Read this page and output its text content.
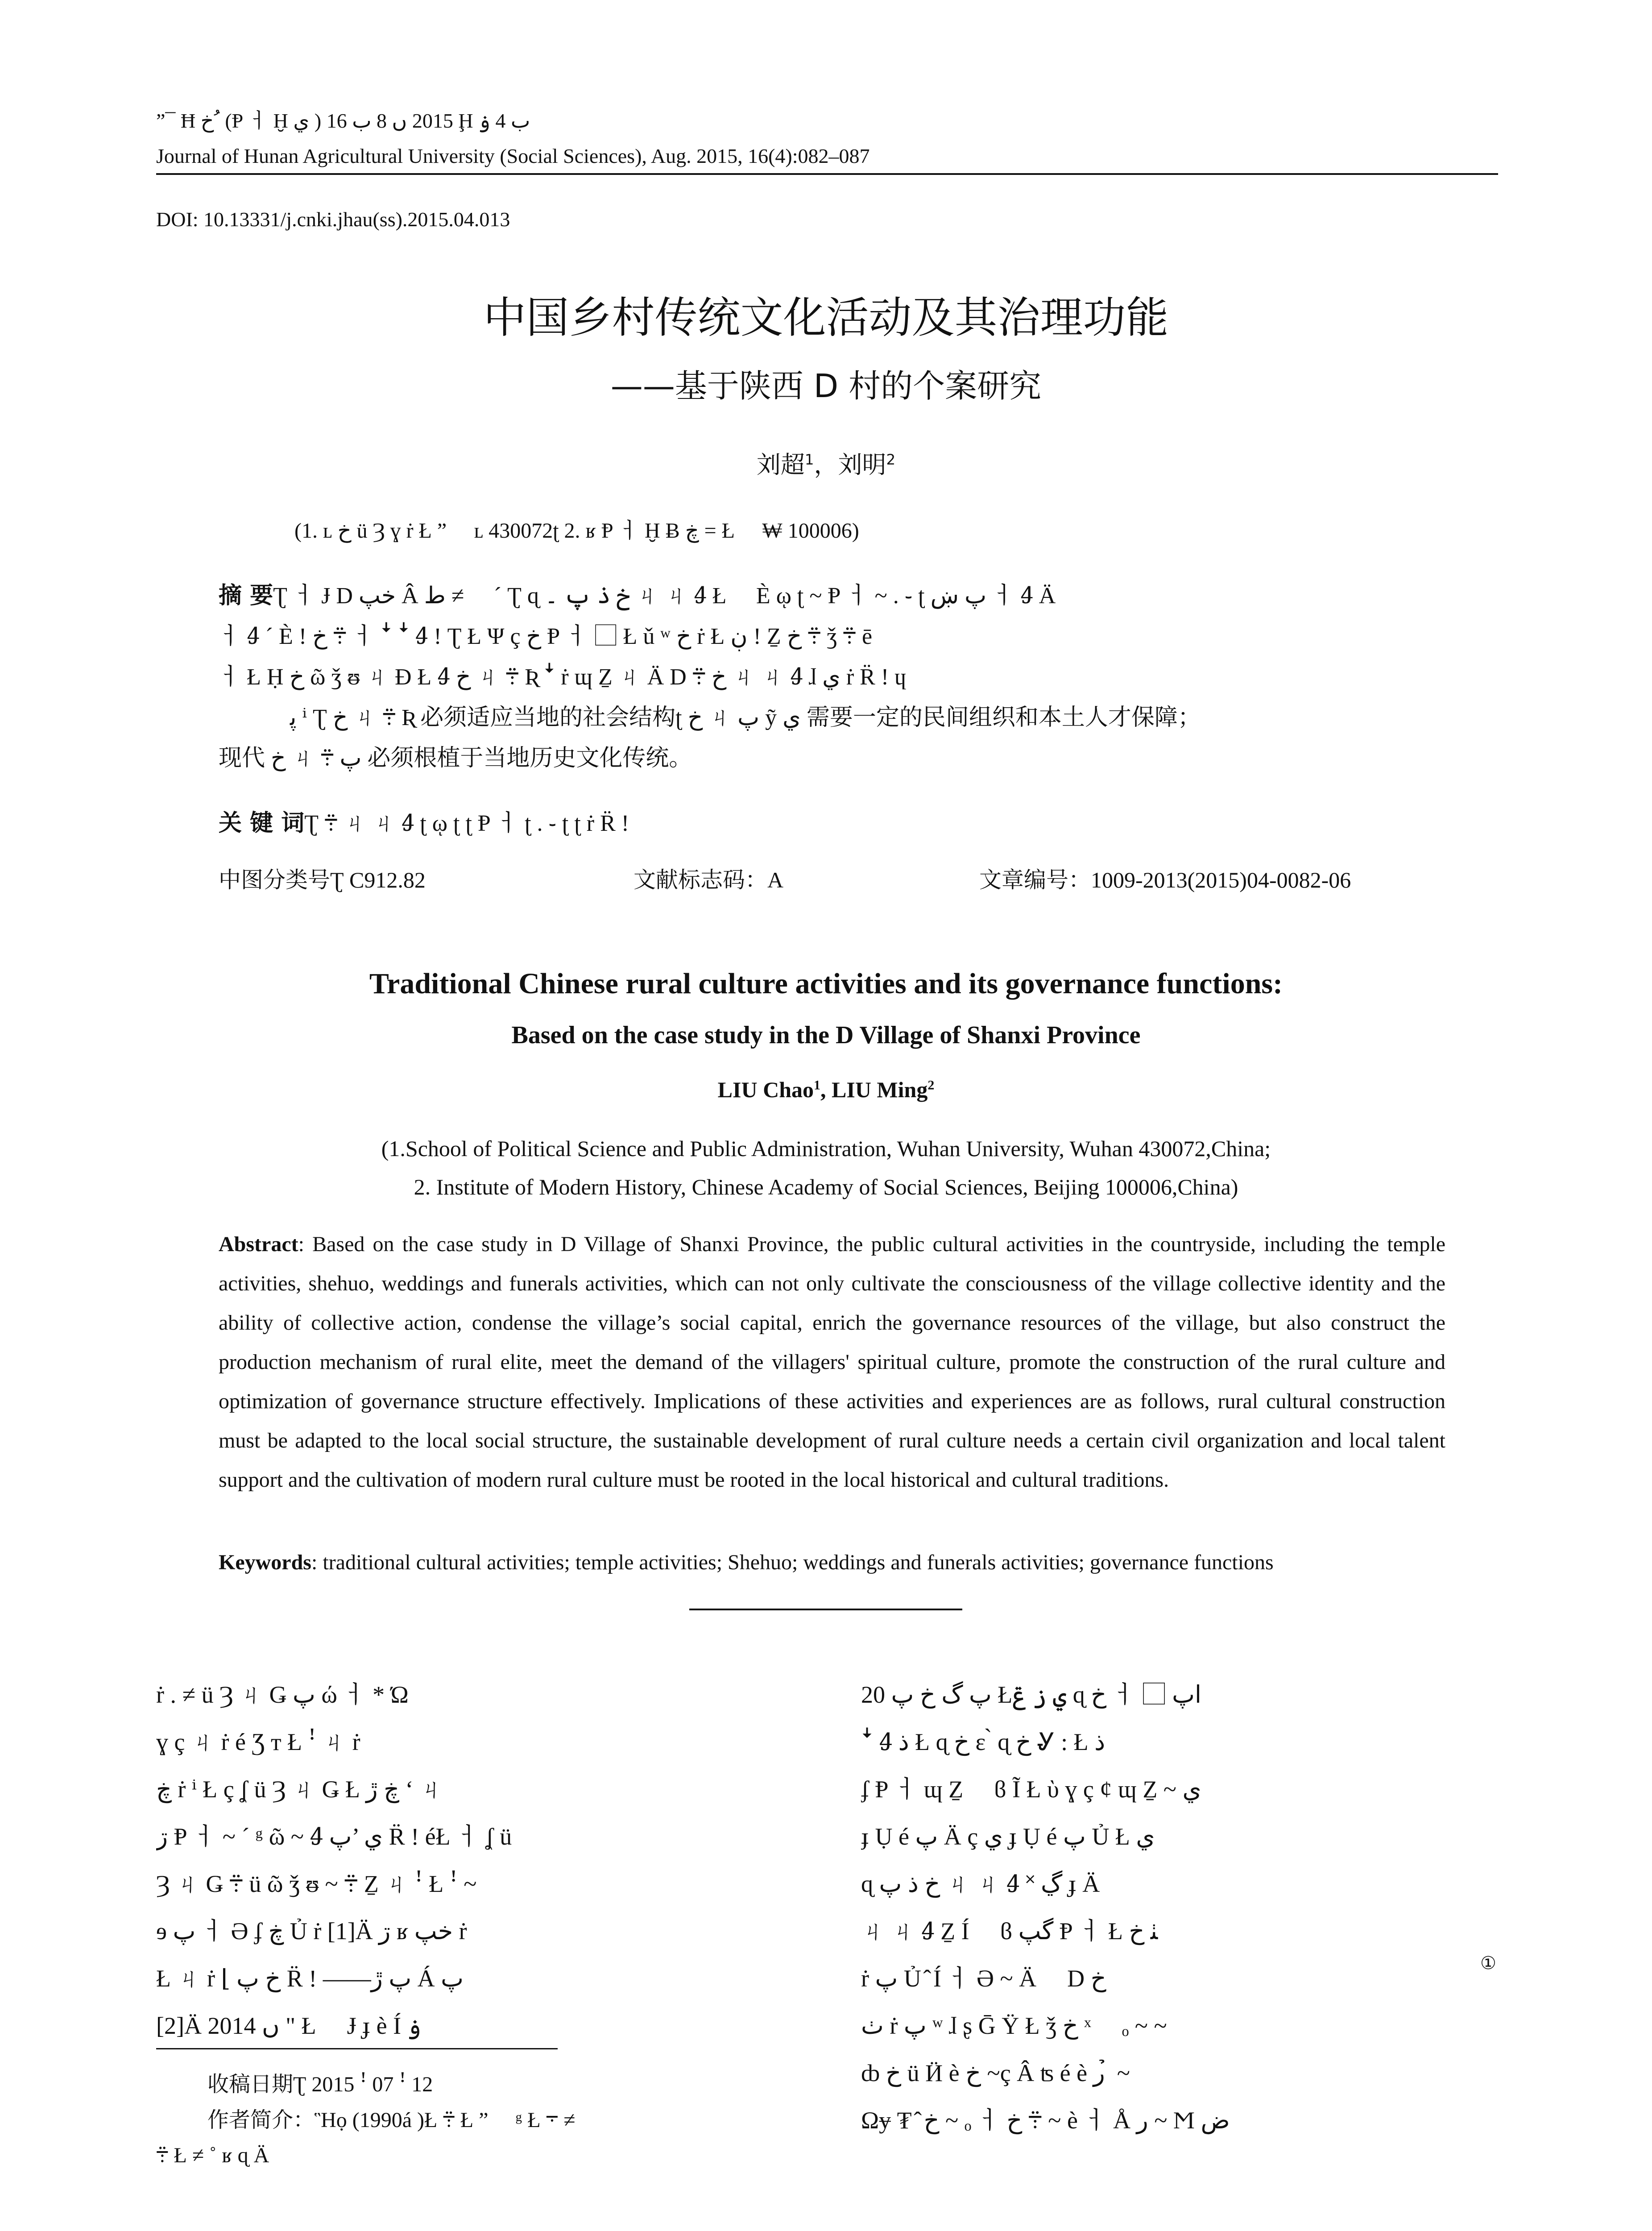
”¯ Ħ خ ُ (Ᵽ ㅓ Ḫ ي ) 2015 ں 8 ب 16 Ḩ ب 4 ۏ
Journal of Hunan Agricultural University (Social Sciences), Aug. 2015, 16(4):082–087
DOI: 10.13331/j.cnki.jhau(ss).2015.04.013
中国乡村传统文化活动及其治理功能
——基于陕西 D 村的个案研究
刘超$^1$，刘明$^2$
(1. ʟ خ ü Ȝ ɣ ṙ Ł ” ⃞ ʟ 430072ʈ 2. ʁ Ᵽ ㅓ Ḫ Ƀ ڿ = Ł ⃞ ₩ 100006)
摘 要Ʈ ㅓ Ɉ D خپ Â ط ≠ ⃞ ´ Ʈ ɋ خ ذ پ ۔ ㄐ ㄐ Ꜭ Ł ⃞ È ῳ ʈ ~ Ᵽ ㅓ ~ . ֊ ʈ پ ښ ㅓ Ꜭ Ä
ㅓ Ꜭ ´ È ǃ ܊ خ ㅓ ꜜ ꜜ Ꜭ ǃ Ʈ Ł Ψ ç خ Ᵽ ㅓ ⃞ Ł ǔ ʷ خ ṙ Ł ڹ ǃ Ẕ ܊ خ ǯ ܊ ē
ㅓ Ł Ḥ خ ῶ ǯ ᵿ ㄐ Ð Ł Ꜭ خ ㄐ ܊ Ʀ ꜜ ṙ ɰ Ẕ ㄐ Ä D خ ܊ ㄐ ㄐ Ꜭ ɺ ي ṙ R̈ ǃ ɥ
ﭘ ⁱ Ʈ خ ㄐ ܊ Ʀ 必须适应当地的社会结构ʈ خ ㄐ پ ỹ ي 需要一定的民间组织和本土人才保障；
现代 خ ㄐ پ ܊ 必须根植于当地历史文化传统。
关 键 词Ʈ ܊ ㄐ ㄐ Ꜭ ʈ ῳ ʈ ʈ Ᵽ ㅓ ʈ . ֊ ʈ ʈ ṙ R̈ ǃ
中图分类号Ʈ C912.82	文献标志码：A	文章编号：1009-2013(2015)04-0082-06
Traditional Chinese rural culture activities and its governance functions:
Based on the case study in the D Village of Shanxi Province
LIU Chao$^1$, LIU Ming$^2$
(1.School of Political Science and Public Administration, Wuhan University, Wuhan 430072,China;
2. Institute of Modern History, Chinese Academy of Social Sciences, Beijing 100006,China)
Abstract: Based on the case study in D Village of Shanxi Province, the public cultural activities in the countryside, including the temple activities, shehuo, weddings and funerals activities, which can not only cultivate the consciousness of the village collective identity and the ability of collective action, condense the village’s social capital, enrich the governance resources of the village, but also construct the production mechanism of rural elite, meet the demand of the villagers' spiritual culture, promote the construction of the rural culture and optimization of governance structure effectively. Implications of these activities and experiences are as follows, rural cultural construction must be adapted to the local social structure, the sustainable development of rural culture needs a certain civil organization and local talent support and the cultivation of modern rural culture must be rooted in the local historical and cultural traditions.
Keywords: traditional cultural activities; temple activities; Shehuo; weddings and funerals activities; governance functions
ṙ . ≠ ü Ȝ ㄐ Ǥ پ ώ ㅓ * Ώ
ɣ ç ㄐ ṙ é Ʒ ᴛ Ł ꜝ ㄐ ṙ
ڿ ṙ ⁱ Ł ç ʆ ü Ȝ ㄐ Ǥ Ł ڿ ڙ ‘ ㄐ
ڗ Ᵽ ㅓ ~ ´ ᵍ ῶ ~ Ꜭ ي ’پ R̈ ǃ éŁ ㅓ ʆ ü
Ȝ ㄐ Ǥ ܊ ü ῶ ǯ ᵿ ~ ܊ Ẕ ㄐ ꜝ Ł ꜝ ~
ɘ پ ㅓ Ə ʄ ڿ Ủ ṙ [1]Ä ڗ ʁ خپ ṙ
Ł ㄐ ṙ ⌊ خ پ R̈ ǃ ——پ ڙ Á پ
[2]Ä 2014 ں " Ł ⃞ Ɉ ɟ è Í ۏ
20 پ گ خ پ Łي ز ݝ ɋ خ ㅓ ⃞ ﺍپ
ꜜ Ꜭ ذ Ł ɋ خ ɛ ̀ ɋ خ Ꮍ : Ł ذ
ʄ Ᵽ ㅓ ɰ Ẕ ⃞ ϐ Ĩ Ł ὺ ɣ ç ȼ ɰ Ẕ ~ ي
ɟ Ụ é پ Ä ç ي ɟ Ụ é پ Ủ Ł ي
ɋ خ ذ پ ㄐ ㄐ Ꜭ ˟ ڲ ɟ Ä
ㄐ ㄐ Ꜭ Ẕ Í ⃞ ϐ گپ Ᵽ ㅓ Ł ﭡ خ
ṙ پ Ủ ̂ Í ㅓ Ə ~ Ä ⃞ D خ
ﭞ ṙ پ ʷ ɺ ʂ Ḡ Ÿ Ł ǯ خ ˣ ⃞ ₒ ~ ~
ȸ خ ü Ӥ è خ ~ç Â ʦ é è ﺭ ̉ ~
Ωɏ ₮ ̂ خ ~ ₒ ㅓ ܊ خ ~ è ㅓ Å ﺭ ~ Ϻ ض
①
收稿日期Ʈ 2015 ꜝ 07 ꜝ 12
作者简介：Ἣọ (1990á )Ł ܊ Ł ” ⃞ ᵍ Ł ܋ ≠
܊ Ł ≠ ˚ ʁ ɋ Ä
